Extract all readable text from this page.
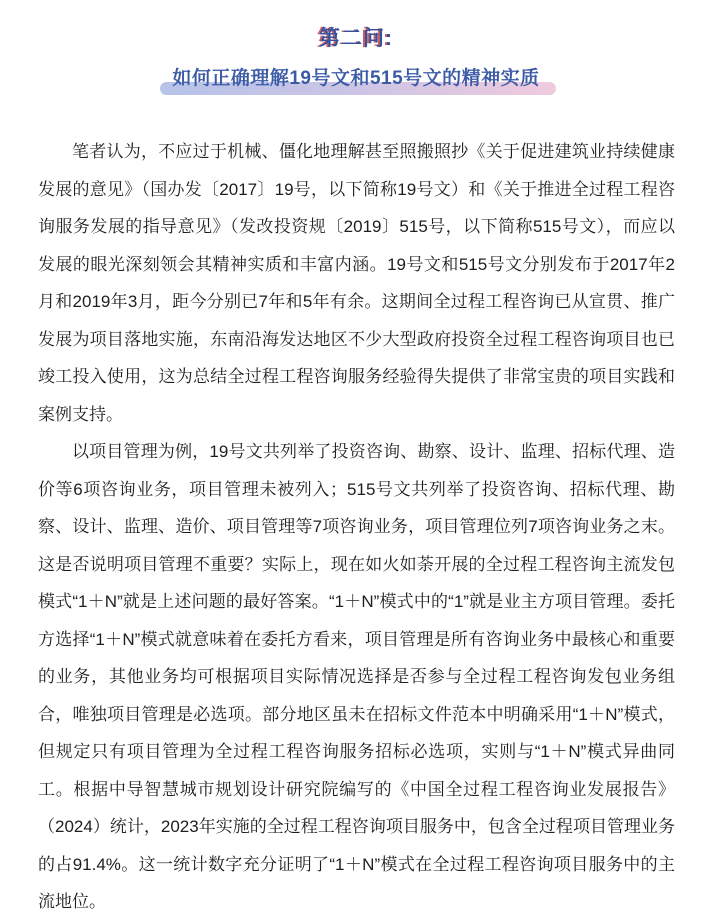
第二问:
如何正确理解19号文和515号文的精神实质

笔者认为，不应过于机械、僵化地理解甚至照搬照抄《关于促进建筑业持续健康发展的意见》（国办发〔2017〕19号，以下简称19号文）和《关于推进全过程工程咨询服务发展的指导意见》（发改投资规〔2019〕515号，以下简称515号文），而应以发展的眼光深刻领会其精神实质和丰富内涵。19号文和515号文分别发布于2017年2月和2019年3月，距今分别已7年和5年有余。这期间全过程工程咨询已从宣贯、推广发展为项目落地实施，东南沿海发达地区不少大型政府投资全过程工程咨询项目也已竣工投入使用，这为总结全过程工程咨询服务经验得失提供了非常宝贵的项目实践和案例支持。

以项目管理为例，19号文共列举了投资咨询、勘察、设计、监理、招标代理、造价等6项咨询业务，项目管理未被列入；515号文共列举了投资咨询、招标代理、勘察、设计、监理、造价、项目管理等7项咨询业务，项目管理位列7项咨询业务之末。这是否说明项目管理不重要？实际上，现在如火如荼开展的全过程工程咨询主流发包模式“1＋N”就是上述问题的最好答案。“1＋N”模式中的“1”就是业主方项目管理。委托方选择“1＋N”模式就意味着在委托方看来，项目管理是所有咨询业务中最核心和重要的业务，其他业务均可根据项目实际情况选择是否参与全过程工程咨询发包业务组合，唯独项目管理是必选项。部分地区虽未在招标文件范本中明确采用“1＋N”模式，但规定只有项目管理为全过程工程咨询服务招标必选项，实则与“1＋N”模式异曲同工。根据中导智慧城市规划设计研究院编写的《中国全过程工程咨询业发展报告》（2024）统计，2023年实施的全过程工程咨询项目服务中，包含全过程项目管理业务的占91.4%。这一统计数字充分证明了“1＋N”模式在全过程工程咨询项目服务中的主流地位。
